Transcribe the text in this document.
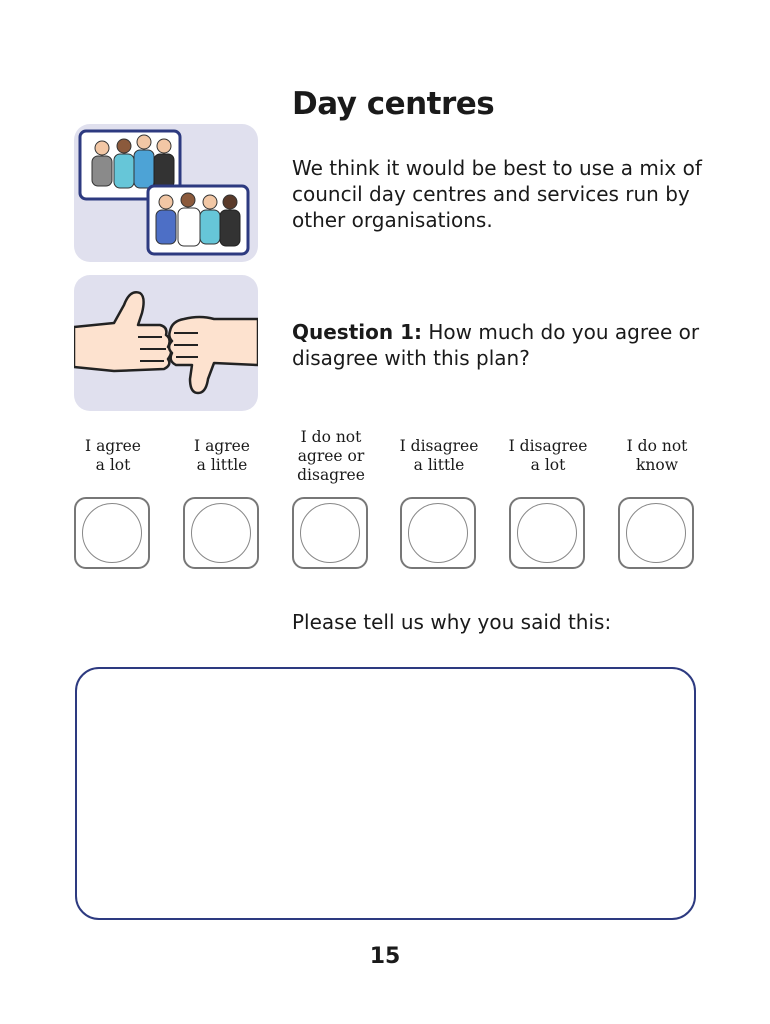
Day centres

We think it would be best to use a mix of council day centres and services run by other organisations.

Question 1: How much do you agree or disagree with this plan?

I agree
a lot
I agree
a little
I do not
agree or
disagree
I disagree
a little
I disagree
a lot
I do not
know

Please tell us why you said this:

15
